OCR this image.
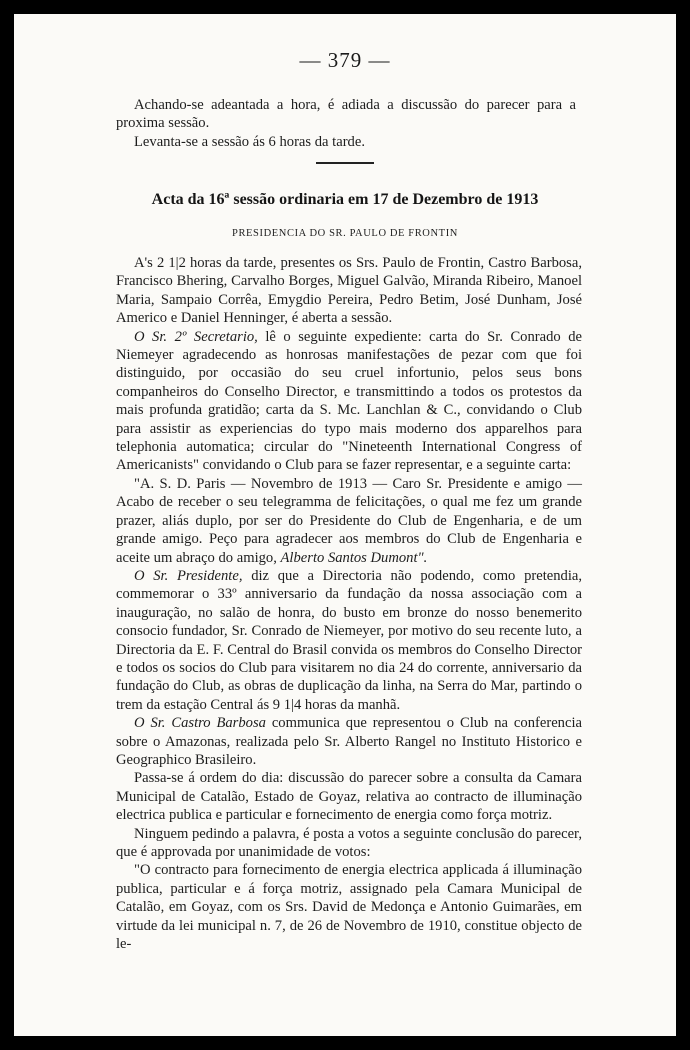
— 379 —

Achando-se adeantada a hora, é adiada a discussão do parecer para a proxima sessão.

Levanta-se a sessão ás 6 horas da tarde.

Acta da 16ª sessão ordinaria em 17 de Dezembro de 1913
PRESIDENCIA DO SR. PAULO DE FRONTIN

A's 2 1|2 horas da tarde, presentes os Srs. Paulo de Frontin, Castro Barbosa, Francisco Bhering, Carvalho Borges, Miguel Galvão, Miranda Ribeiro, Manoel Maria, Sampaio Corrêa, Emygdio Pereira, Pedro Betim, José Dunham, José Americo e Daniel Henninger, é aberta a sessão.

O Sr. 2º Secretario, lê o seguinte expediente: carta do Sr. Conrado de Niemeyer agradecendo as honrosas manifestações de pezar com que foi distinguido, por occasião do seu cruel infortunio, pelos seus bons companheiros do Conselho Director, e transmittindo a todos os protestos da mais profunda gratidão; carta da S. Mc. Lanchlan & C., convidando o Club para assistir as experiencias do typo mais moderno dos apparelhos para telephonia automatica; circular do "Nineteenth International Congress of Americanists" convidando o Club para se fazer representar, e a seguinte carta:

"A. S. D. Paris — Novembro de 1913 — Caro Sr. Presidente e amigo — Acabo de receber o seu telegramma de felicitações, o qual me fez um grande prazer, aliás duplo, por ser do Presidente do Club de Engenharia, e de um grande amigo. Peço para agradecer aos membros do Club de Engenharia e aceite um abraço do amigo, Alberto Santos Dumont".

O Sr. Presidente, diz que a Directoria não podendo, como pretendia, commemorar o 33º anniversario da fundação da nossa associação com a inauguração, no salão de honra, do busto em bronze do nosso benemerito consocio fundador, Sr. Conrado de Niemeyer, por motivo do seu recente luto, a Directoria da E. F. Central do Brasil convida os membros do Conselho Director e todos os socios do Club para visitarem no dia 24 do corrente, anniversario da fundação do Club, as obras de duplicação da linha, na Serra do Mar, partindo o trem da estação Central ás 9 1|4 horas da manhã.

O Sr. Castro Barbosa communica que representou o Club na conferencia sobre o Amazonas, realizada pelo Sr. Alberto Rangel no Instituto Historico e Geographico Brasileiro.

Passa-se á ordem do dia: discussão do parecer sobre a consulta da Camara Municipal de Catalão, Estado de Goyaz, relativa ao contracto de illuminação electrica publica e particular e fornecimento de energia como força motriz.

Ninguem pedindo a palavra, é posta a votos a seguinte conclusão do parecer, que é approvada por unanimidade de votos:

"O contracto para fornecimento de energia electrica applicada á illuminação publica, particular e á força motriz, assignado pela Camara Municipal de Catalão, em Goyaz, com os Srs. David de Medonça e Antonio Guimarães, em virtude da lei municipal n. 7, de 26 de Novembro de 1910, constitue objecto de le-
